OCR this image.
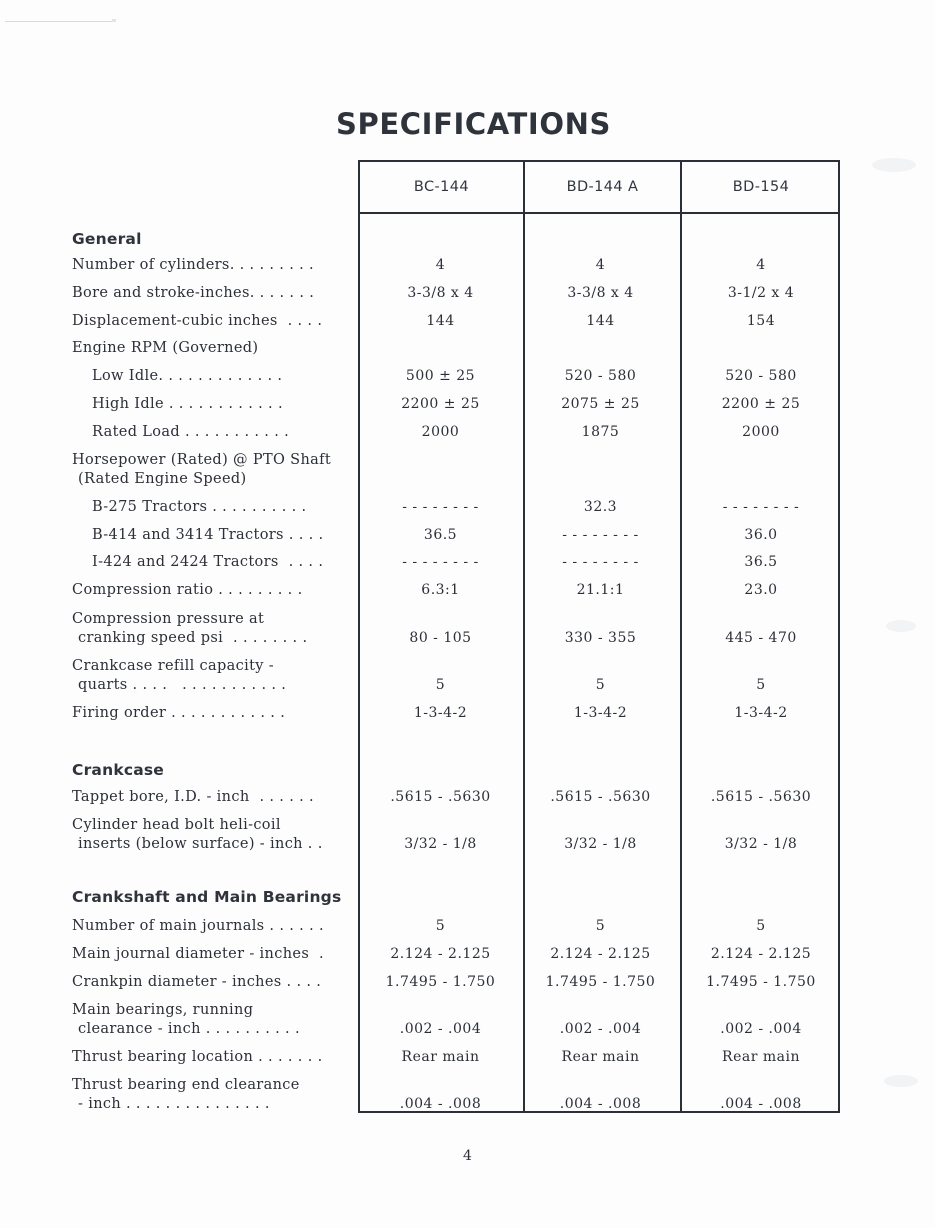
SPECIFICATIONS
BC-144	BD-144 A	BD-154
General
Number of cylinders. . . . . . . . .	4	4	4
Bore and stroke-inches. . . . . . .	3-3/8 x 4	3-3/8 x 4	3-1/2 x 4
Displacement-cubic inches  . . . .	144	144	154
Engine RPM (Governed)
Low Idle. . . . . . . . . . . . .	500 ± 25	520 - 580	520 - 580
High Idle . . . . . . . . . . . .	2200 ± 25	2075 ± 25	2200 ± 25
Rated Load . . . . . . . . . . .	2000	1875	2000
Horsepower (Rated) @ PTO Shaft
(Rated Engine Speed)
B-275 Tractors . . . . . . . . . .	- - - - - - - -	32.3	- - - - - - - -
B-414 and 3414 Tractors . . . .	36.5	- - - - - - - -	36.0
I-424 and 2424 Tractors  . . . .	- - - - - - - -	- - - - - - - -	36.5
Compression ratio . . . . . . . . .	6.3:1	21.1:1	23.0
Compression pressure at
cranking speed psi  . . . . . . . .	80 - 105	330 - 355	445 - 470
Crankcase refill capacity -
quarts . . . .   . . . . . . . . . . .	5	5	5
Firing order . . . . . . . . . . . .	1-3-4-2	1-3-4-2	1-3-4-2
Crankcase
Tappet bore, I.D. - inch  . . . . . .	.5615 - .5630	.5615 - .5630	.5615 - .5630
Cylinder head bolt heli-coil
inserts (below surface) - inch . .	3/32 - 1/8	3/32 - 1/8	3/32 - 1/8
Crankshaft and Main Bearings
Number of main journals . . . . . .	5	5	5
Main journal diameter - inches  .	2.124 - 2.125	2.124 - 2.125	2.124 - 2.125
Crankpin diameter - inches . . . .	1.7495 - 1.750	1.7495 - 1.750	1.7495 - 1.750
Main bearings, running
clearance - inch . . . . . . . . . .	.002 - .004	.002 - .004	.002 - .004
Thrust bearing location . . . . . . .	Rear main	Rear main	Rear main
Thrust bearing end clearance
- inch . . . . . . . . . . . . . . .	.004 - .008	.004 - .008	.004 - .008
4
